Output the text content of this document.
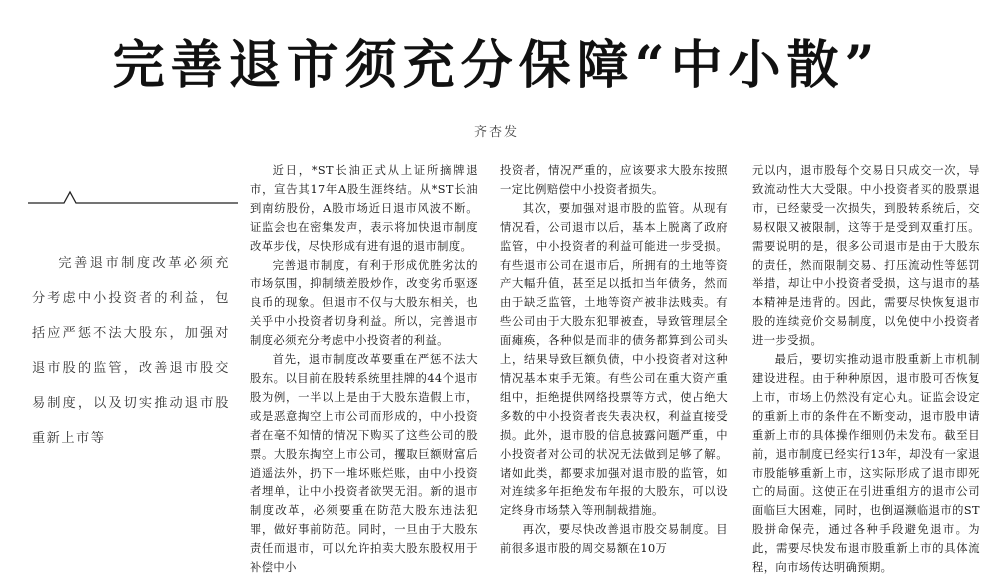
完善退市须充分保障“中小散”
齐杏发

完善退市制度改革必须充分考虑中小投资者的利益，包括应严惩不法大股东，加强对退市股的监管，改善退市股交易制度，以及切实推动退市股重新上市等

近日，*ST长油正式从上证所摘牌退市，宣告其17年A股生涯终结。从*ST长油到南纺股份，A股市场近日退市风波不断。证监会也在密集发声，表示将加快退市制度改革步伐，尽快形成有进有退的退市制度。

完善退市制度，有利于形成优胜劣汰的市场氛围，抑制绩差股炒作，改变劣币驱逐良币的现象。但退市不仅与大股东相关，也关乎中小投资者切身利益。所以，完善退市制度必须充分考虑中小投资者的利益。

首先，退市制度改革要重在严惩不法大股东。以目前在股转系统里挂牌的44个退市股为例，一半以上是由于大股东造假上市，或是恶意掏空上市公司而形成的，中小投资者在毫不知情的情况下购买了这些公司的股票。大股东掏空上市公司，攫取巨额财富后逍遥法外，扔下一堆坏账烂账，由中小投资者埋单，让中小投资者欲哭无泪。新的退市制度改革，必须要重在防范大股东违法犯罪，做好事前防范。同时，一旦由于大股东责任而退市，可以允许拍卖大股东股权用于补偿中小

投资者，情况严重的，应该要求大股东按照一定比例赔偿中小投资者损失。

其次，要加强对退市股的监管。从现有情况看，公司退市以后，基本上脱离了政府监管，中小投资者的利益可能进一步受损。有些退市公司在退市后，所拥有的土地等资产大幅升值，甚至足以抵扣当年债务，然而由于缺乏监管，土地等资产被非法贱卖。有些公司由于大股东犯罪被查，导致管理层全面瘫痪，各种似是而非的债务都算到公司头上，结果导致巨额负债，中小投资者对这种情况基本束手无策。有些公司在重大资产重组中，拒绝提供网络投票等方式，使占绝大多数的中小投资者丧失表决权，利益直接受损。此外，退市股的信息披露问题严重，中小投资者对公司的状况无法做到足够了解。诸如此类，都要求加强对退市股的监管，如对连续多年拒绝发布年报的大股东，可以设定终身市场禁入等刑制裁措施。

再次，要尽快改善退市股交易制度。目前很多退市股的周交易额在10万

元以内，退市股每个交易日只成交一次，导致流动性大大受限。中小投资者买的股票退市，已经蒙受一次损失，到股转系统后，交易权限又被限制，这等于是受到双重打压。需要说明的是，很多公司退市是由于大股东的责任，然而限制交易、打压流动性等惩罚举措，却让中小投资者受损，这与退市的基本精神是违背的。因此，需要尽快恢复退市股的连续竞价交易制度，以免使中小投资者进一步受损。

最后，要切实推动退市股重新上市机制建设进程。由于种种原因，退市股可否恢复上市，市场上仍然没有定心丸。证监会设定的重新上市的条件在不断变动，退市股申请重新上市的具体操作细则仍未发布。截至目前，退市制度已经实行13年，却没有一家退市股能够重新上市，这实际形成了退市即死亡的局面。这使正在引进重组方的退市公司面临巨大困难，同时，也倒逼濒临退市的ST股拼命保壳，通过各种手段避免退市。为此，需要尽快发布退市股重新上市的具体流程，向市场传达明确预期。
